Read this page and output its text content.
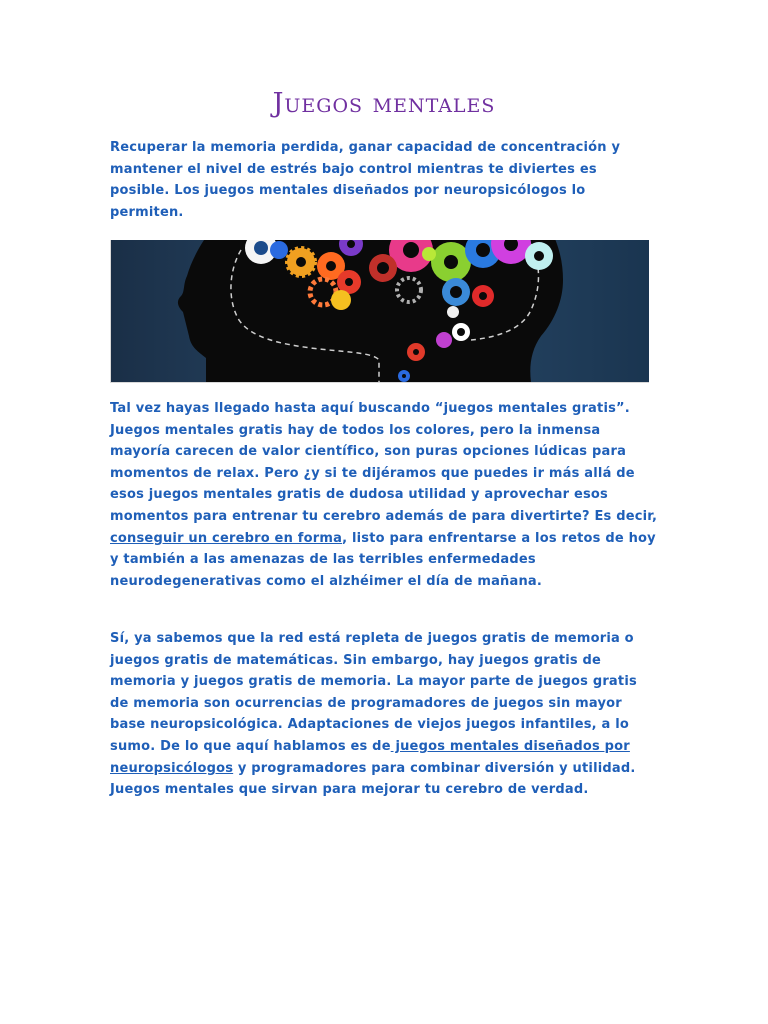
Juegos mentales

Recuperar la memoria perdida, ganar capacidad de concentración y mantener el nivel de estrés bajo control mientras te diviertes es posible. Los juegos mentales diseñados por neuropsicólogos lo permiten.

Tal vez hayas llegado hasta aquí buscando “juegos mentales gratis”. Juegos mentales gratis hay de todos los colores, pero la inmensa mayoría carecen de valor científico, son puras opciones lúdicas para momentos de relax. Pero ¿y si te dijéramos que puedes ir más allá de esos juegos mentales gratis de dudosa utilidad y aprovechar esos momentos para entrenar tu cerebro además de para divertirte? Es decir, conseguir un cerebro en forma, listo para enfrentarse a los retos de hoy y también a las amenazas de las terribles enfermedades neurodegenerativas como el alzhéimer el día de mañana.

Sí, ya sabemos que la red está repleta de juegos gratis de memoria o juegos gratis de matemáticas. Sin embargo, hay juegos gratis de memoria y juegos gratis de memoria. La mayor parte de juegos gratis de memoria son ocurrencias de programadores de juegos sin mayor base neuropsicológica. Adaptaciones de viejos juegos infantiles, a lo sumo. De lo que aquí hablamos es de juegos mentales diseñados por neuropsicólogos y programadores para combinar diversión y utilidad. Juegos mentales que sirvan para mejorar tu cerebro de verdad.
